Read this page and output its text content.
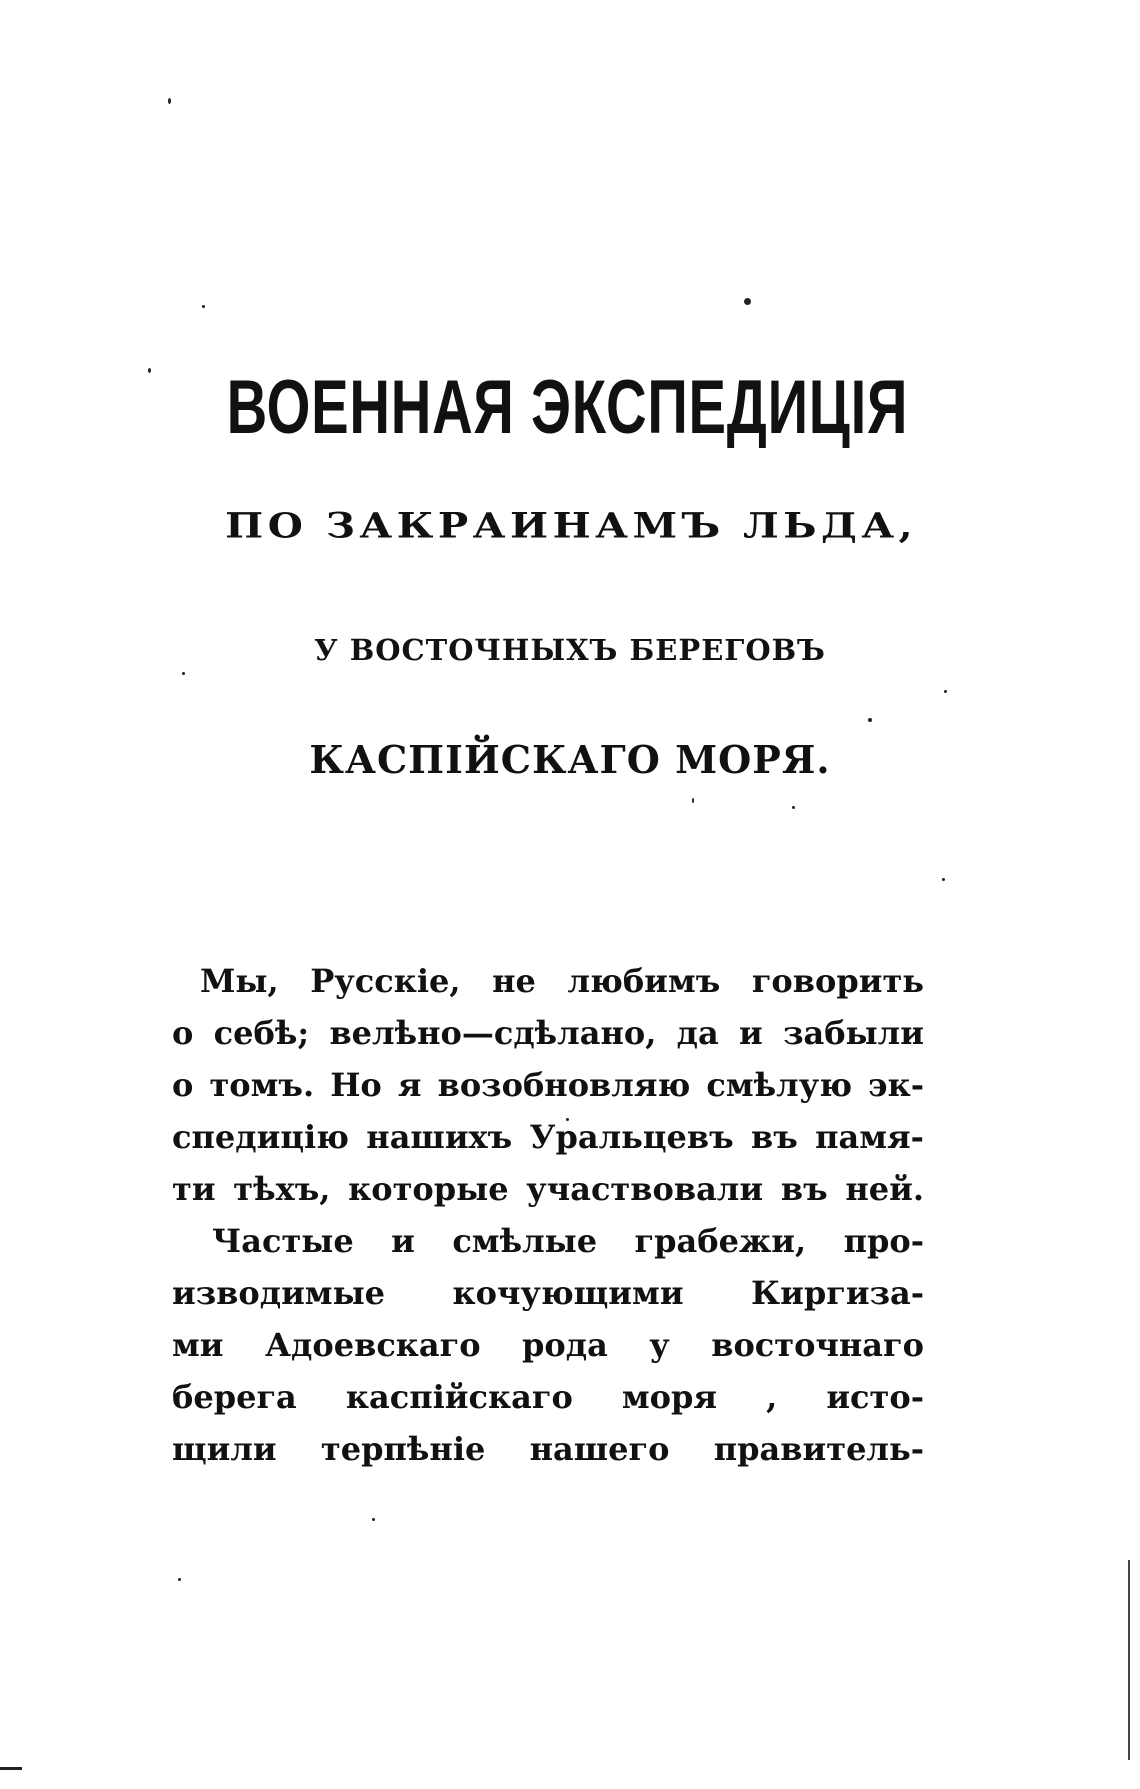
ВОЕННАЯ ЭКСПЕДИЦІЯ
ПО ЗАКРАИНАМЪ ЛЬДА,
У ВОСТОЧНЫХЪ БЕРЕГОВЪ
КАСПІЙСКАГО МОРЯ.
Мы, Русскіе, не любимъ говорить
о себѣ; велѣно—сдѣлано, да и забыли
о томъ. Но я возобновляю смѣлую эк-
спедицію нашихъ Уральцевъ въ памя-
ти тѣхъ, которые участвовали въ ней.
Частые и смѣлые грабежи, про-
изводимые кочующими Киргиза-
ми Адоевскаго рода у восточнаго
берега каспійскаго моря , исто-
щили терпѣніе нашего правитель-
